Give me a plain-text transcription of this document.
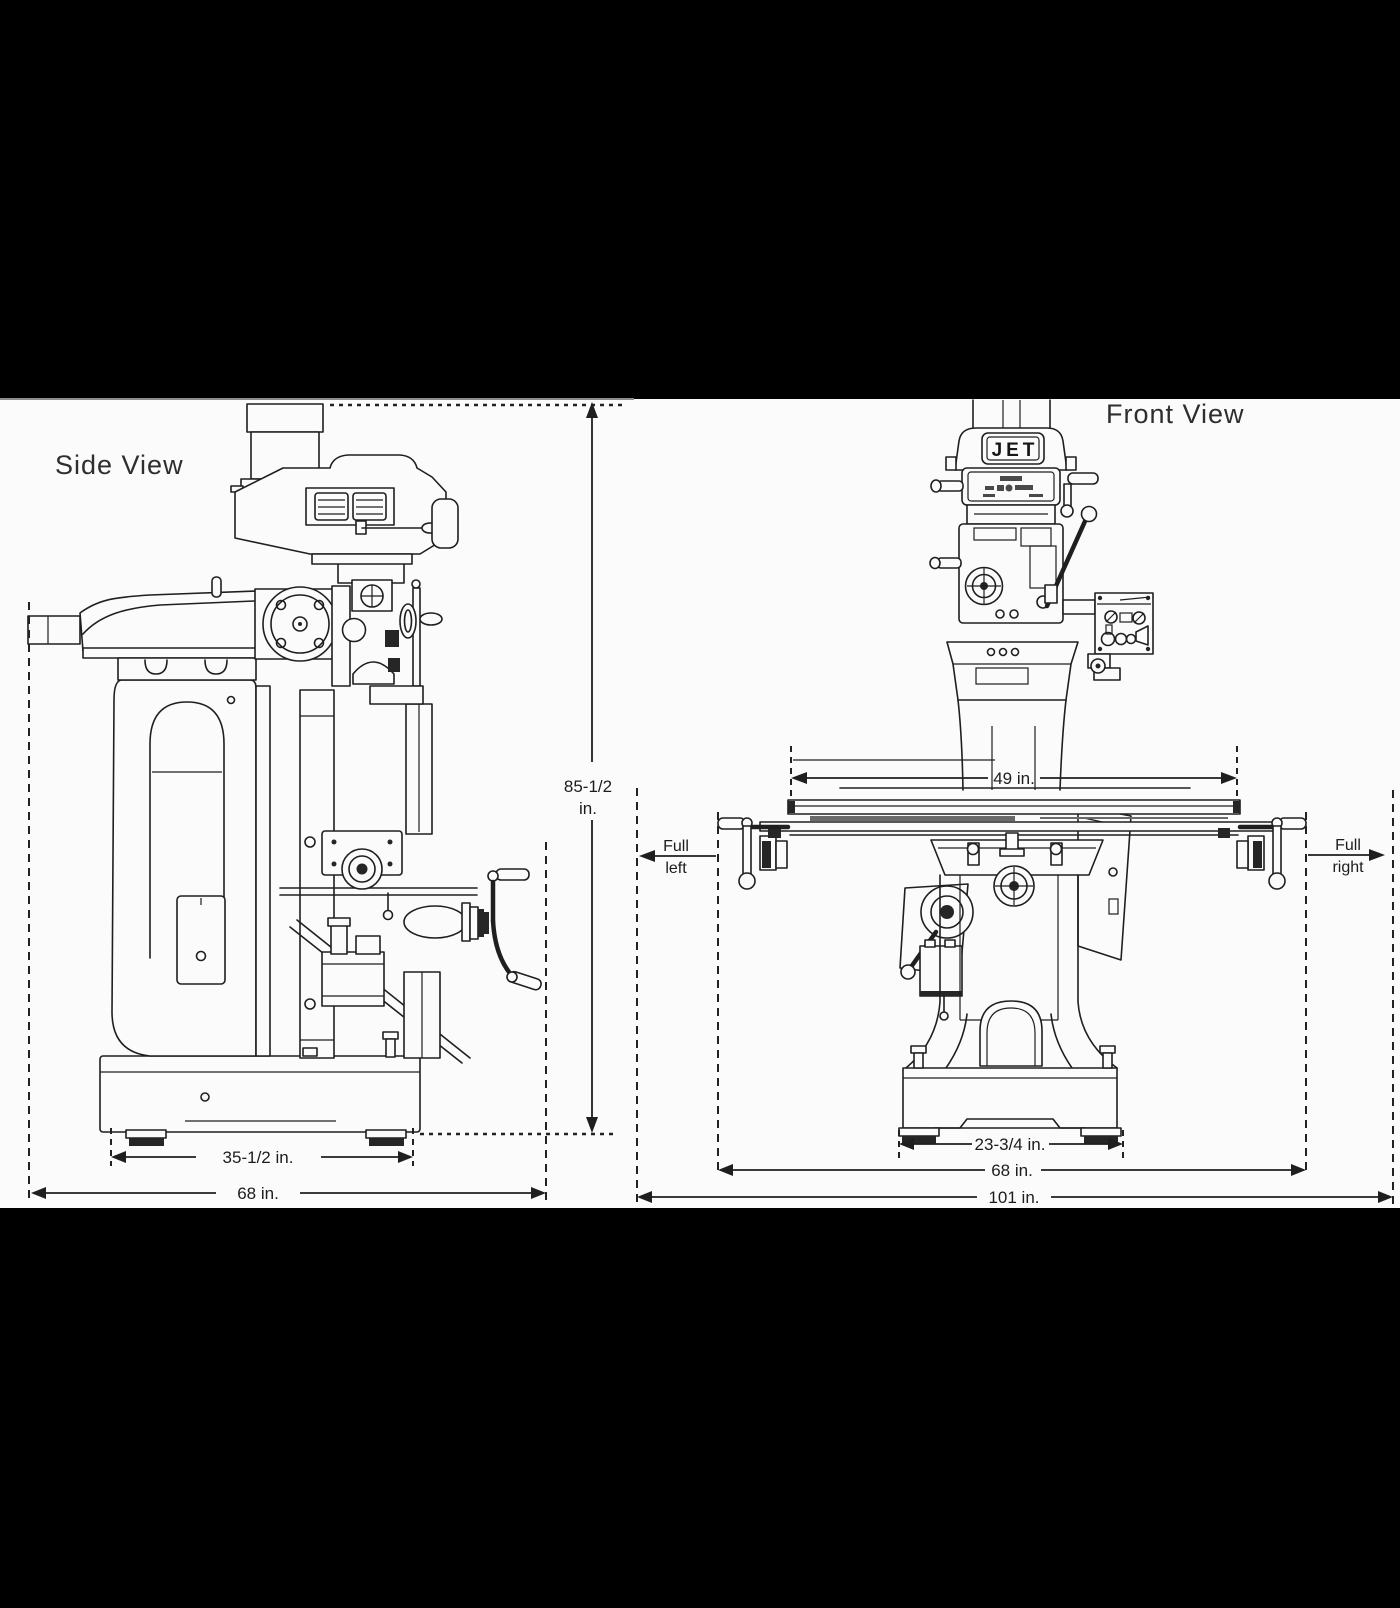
Side View
85-1/2
in.
35-1/2 in.
68 in.
Front View
JET
49 in.
Full
left
Full
right
23-3/4 in.
68 in.
101 in.
